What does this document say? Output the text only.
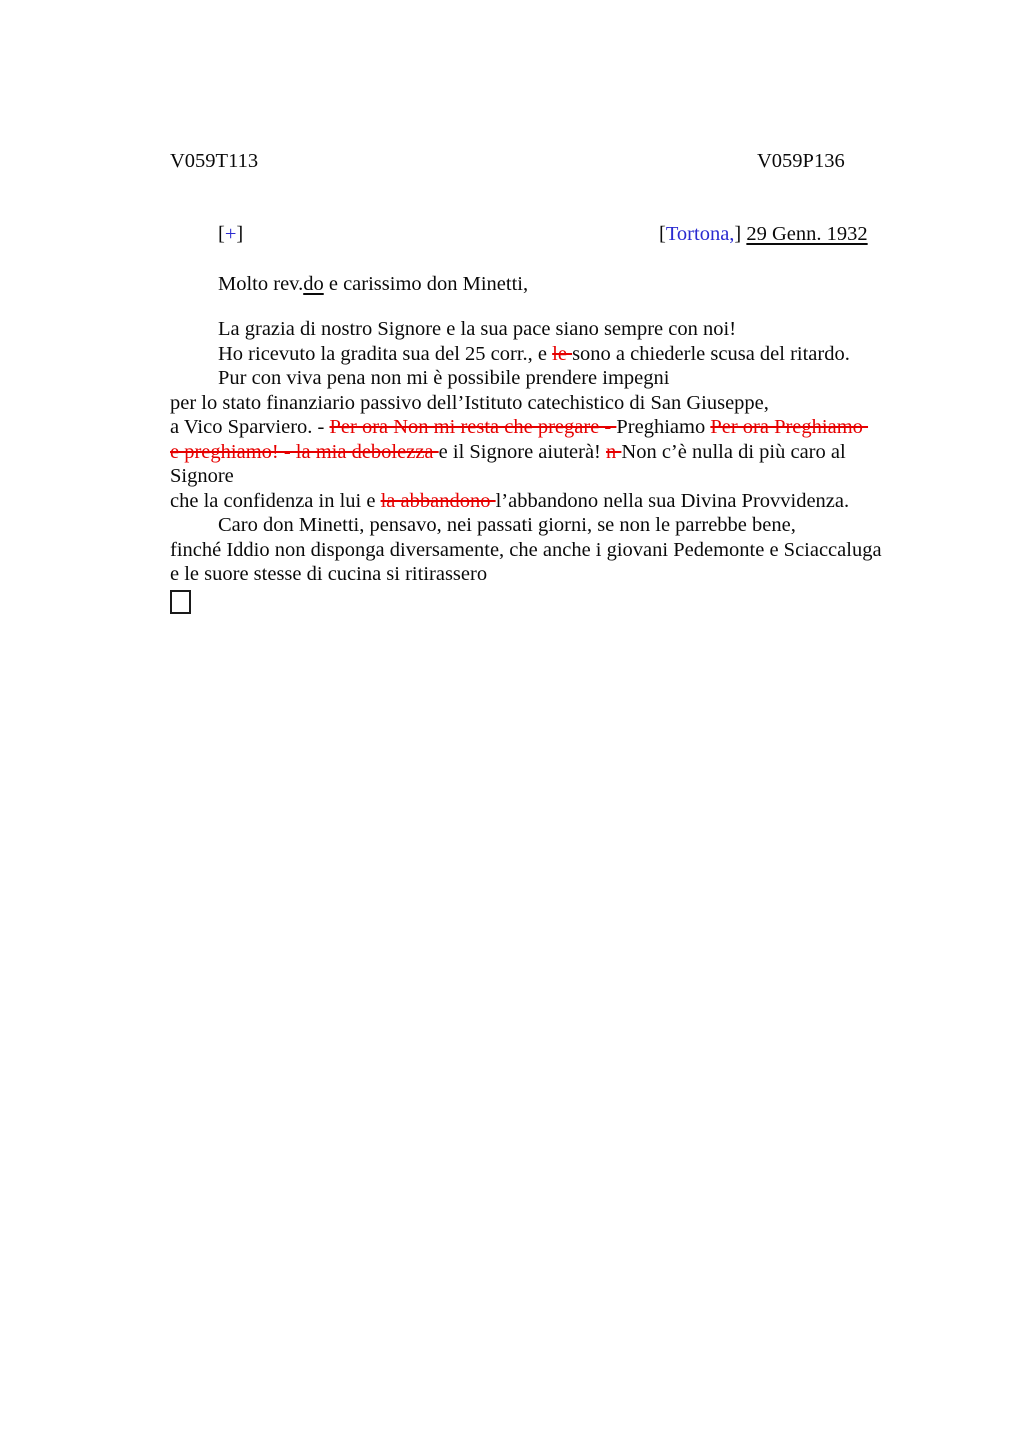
V059T113	V059P136
[+]	[Tortona,] 29 Genn. 1932
Molto rev.do e carissimo don Minetti,
La grazia di nostro Signore e la sua pace siano sempre con noi!
Ho ricevuto la gradita sua del 25 corr., e le sono a chiederle scusa del ritardo.
Pur con viva pena non mi è possibile prendere impegni
per lo stato finanziario passivo dell’Istituto catechistico di San Giuseppe,
a Vico Sparviero. - Per ora Non mi resta che pregare - Preghiamo Per ora Preghiamo
e preghiamo! - la mia debolezza e il Signore aiuterà! n Non c’è nulla di più caro al
Signore
che la confidenza in lui e la abbandono l’abbandono nella sua Divina Provvidenza.
Caro don Minetti, pensavo, nei passati giorni, se non le parrebbe bene,
finché Iddio non disponga diversamente, che anche i giovani Pedemonte e Sciaccaluga
e le suore stesse di cucina si ritirassero
